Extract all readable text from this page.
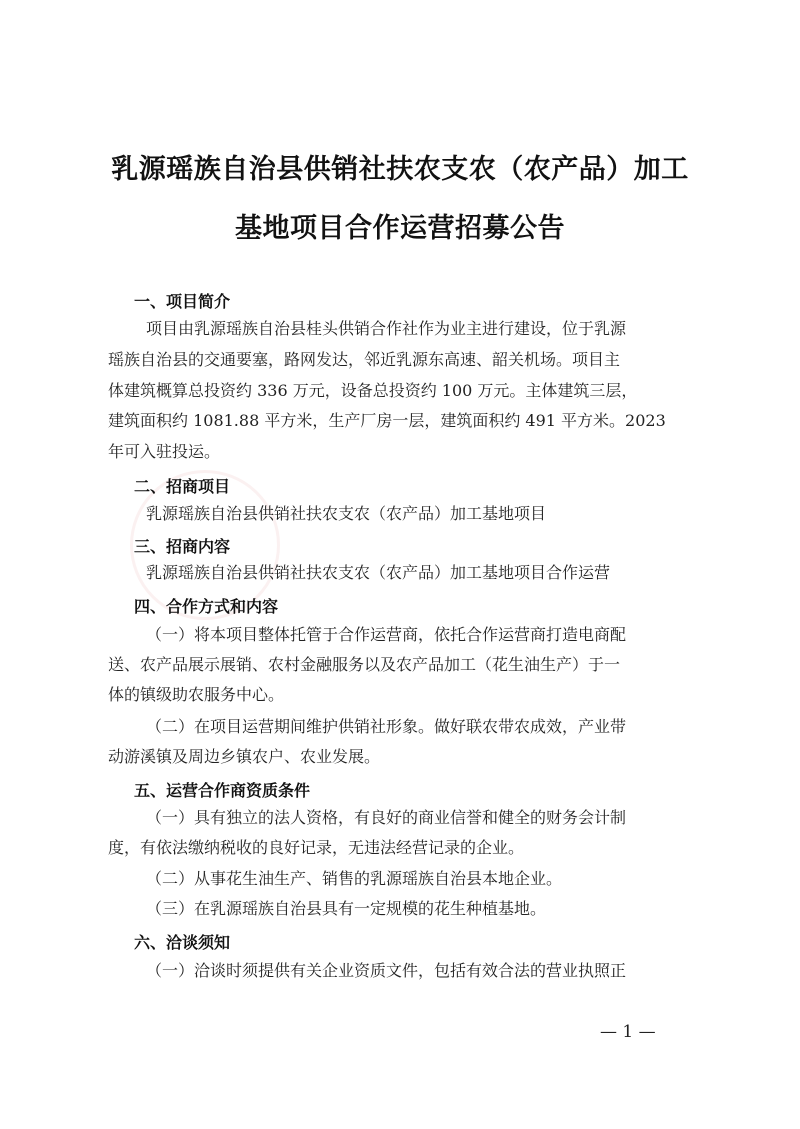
乳源瑶族自治县供销社扶农支农（农产品）加工
基地项目合作运营招募公告
一、项目简介
项目由乳源瑶族自治县桂头供销合作社作为业主进行建设，位于乳源
瑶族自治县的交通要塞，路网发达，邻近乳源东高速、韶关机场。项目主
体建筑概算总投资约 336 万元，设备总投资约 100 万元。主体建筑三层，
建筑面积约 1081.88 平方米，生产厂房一层，建筑面积约 491 平方米。2023
年可入驻投运。
二、招商项目
乳源瑶族自治县供销社扶农支农（农产品）加工基地项目
三、招商内容
乳源瑶族自治县供销社扶农支农（农产品）加工基地项目合作运营
四、合作方式和内容
（一）将本项目整体托管于合作运营商，依托合作运营商打造电商配
送、农产品展示展销、农村金融服务以及农产品加工（花生油生产）于一
体的镇级助农服务中心。
（二）在项目运营期间维护供销社形象。做好联农带农成效，产业带
动游溪镇及周边乡镇农户、农业发展。
五、运营合作商资质条件
（一）具有独立的法人资格，有良好的商业信誉和健全的财务会计制
度，有依法缴纳税收的良好记录，无违法经营记录的企业。
（二）从事花生油生产、销售的乳源瑶族自治县本地企业。
（三）在乳源瑶族自治县具有一定规模的花生种植基地。
六、洽谈须知
（一）洽谈时须提供有关企业资质文件，包括有效合法的营业执照正
— 1 —
